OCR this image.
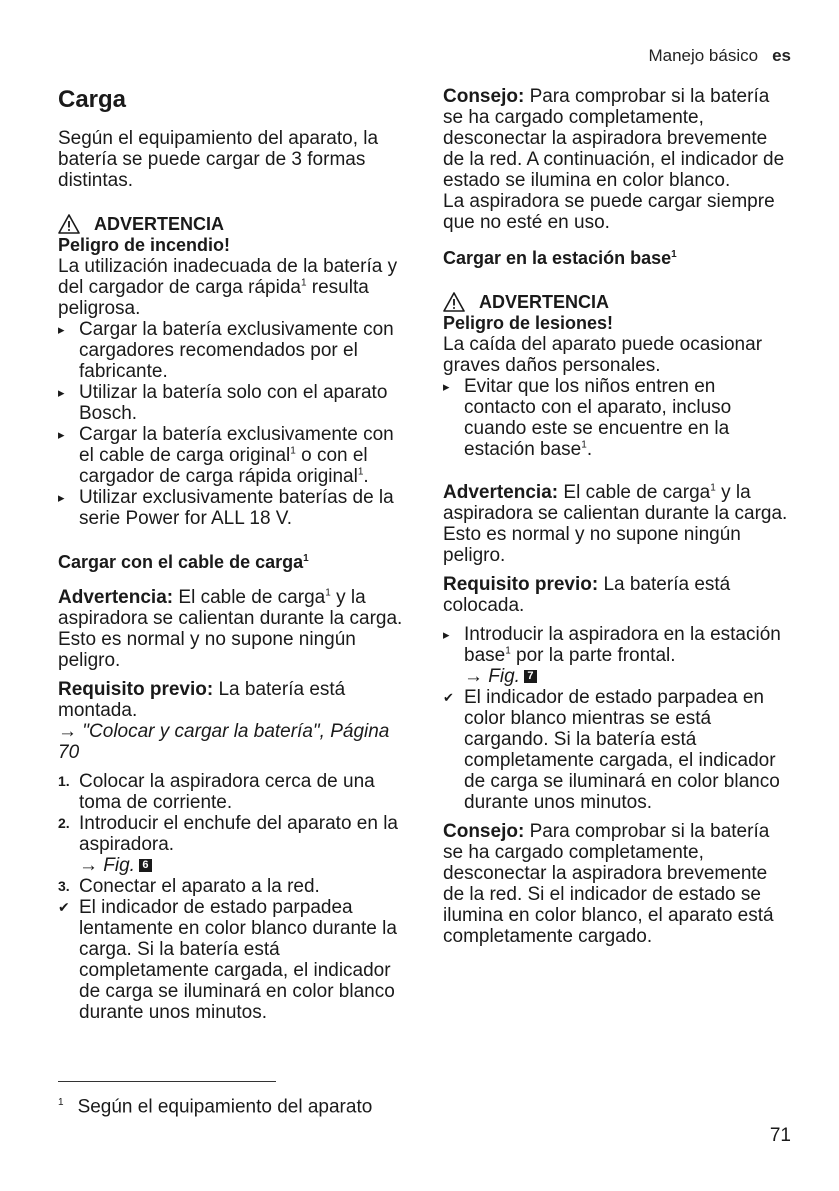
Manejo básico es
Carga

Según el equipamiento del aparato, la batería se puede cargar de 3 formas distintas.

ADVERTENCIA
Peligro de incendio!

La utilización inadecuada de la batería y del cargador de carga rápida$^1$ resulta peligrosa.

▸ Cargar la batería exclusivamente con cargadores recomendados por el fabricante.
▸ Utilizar la batería solo con el aparato Bosch.
▸ Cargar la batería exclusivamente con el cable de carga original$^1$ o con el cargador de carga rápida original$^1$.
▸ Utilizar exclusivamente baterías de la serie Power for ALL 18 V.
Cargar con el cable de carga$^1$

Advertencia: El cable de carga$^1$ y la aspiradora se calientan durante la carga. Esto es normal y no supone ningún peligro.

Requisito previo: La batería está montada.

→ "Colocar y cargar la batería", Página 70

1. Colocar la aspiradora cerca de una toma de corriente.
2. Introducir el enchufe del aparato en la aspiradora.
→ Fig. 6
3. Conectar el aparato a la red.
✔ El indicador de estado parpadea lentamente en color blanco durante la carga. Si la batería está completamente cargada, el indicador de carga se iluminará en color blanco durante unos minutos.

Consejo: Para comprobar si la batería se ha cargado completamente, desconectar la aspiradora brevemente de la red. A continuación, el indicador de estado se ilumina en color blanco.
La aspiradora se puede cargar siempre que no esté en uso.

Cargar en la estación base$^1$
ADVERTENCIA
Peligro de lesiones!

La caída del aparato puede ocasionar graves daños personales.

▸ Evitar que los niños entren en contacto con el aparato, incluso cuando este se encuentre en la estación base$^1$.

Advertencia: El cable de carga$^1$ y la aspiradora se calientan durante la carga. Esto es normal y no supone ningún peligro.

Requisito previo: La batería está colocada.

▸ Introducir la aspiradora en la estación base$^1$ por la parte frontal.
→ Fig. 7
✔ El indicador de estado parpadea en color blanco mientras se está cargando. Si la batería está completamente cargada, el indicador de carga se iluminará en color blanco durante unos minutos.

Consejo: Para comprobar si la batería se ha cargado completamente, desconectar la aspiradora brevemente de la red. Si el indicador de estado se ilumina en color blanco, el aparato está completamente cargado.

$^1$ Según el equipamiento del aparato
71
